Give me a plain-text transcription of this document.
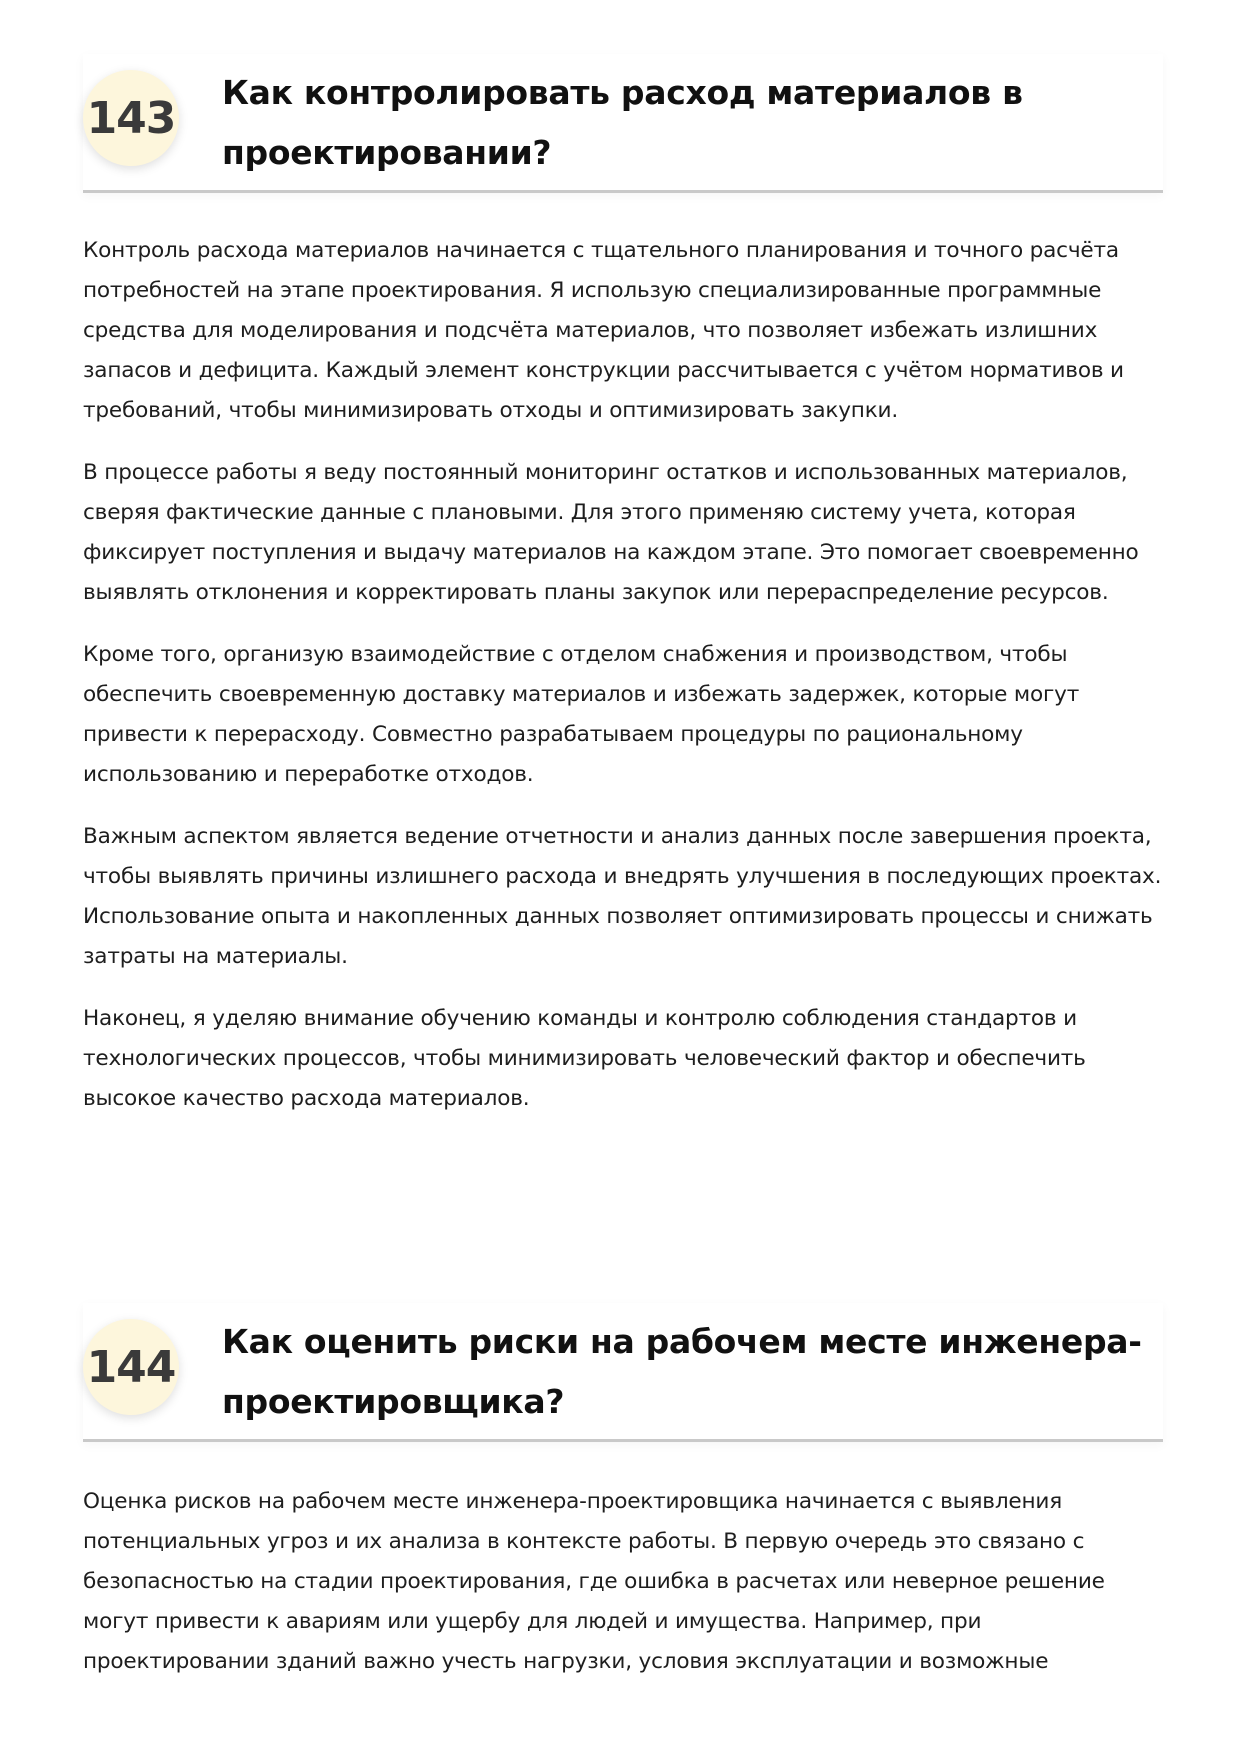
143 Как контролировать расход материалов в проектировании?

Контроль расхода материалов начинается с тщательного планирования и точного расчёта потребностей на этапе проектирования. Я использую специализированные программные средства для моделирования и подсчёта материалов, что позволяет избежать излишних запасов и дефицита. Каждый элемент конструкции рассчитывается с учётом нормативов и требований, чтобы минимизировать отходы и оптимизировать закупки.

В процессе работы я веду постоянный мониторинг остатков и использованных материалов, сверяя фактические данные с плановыми. Для этого применяю систему учета, которая фиксирует поступления и выдачу материалов на каждом этапе. Это помогает своевременно выявлять отклонения и корректировать планы закупок или перераспределение ресурсов.

Кроме того, организую взаимодействие с отделом снабжения и производством, чтобы обеспечить своевременную доставку материалов и избежать задержек, которые могут привести к перерасходу. Совместно разрабатываем процедуры по рациональному использованию и переработке отходов.

Важным аспектом является ведение отчетности и анализ данных после завершения проекта, чтобы выявлять причины излишнего расхода и внедрять улучшения в последующих проектах. Использование опыта и накопленных данных позволяет оптимизировать процессы и снижать затраты на материалы.

Наконец, я уделяю внимание обучению команды и контролю соблюдения стандартов и технологических процессов, чтобы минимизировать человеческий фактор и обеспечить высокое качество расхода материалов.

144 Как оценить риски на рабочем месте инженера-проектировщика?

Оценка рисков на рабочем месте инженера-проектировщика начинается с выявления потенциальных угроз и их анализа в контексте работы. В первую очередь это связано с безопасностью на стадии проектирования, где ошибка в расчетах или неверное решение могут привести к авариям или ущербу для людей и имущества. Например, при проектировании зданий важно учесть нагрузки, условия эксплуатации и возможные
